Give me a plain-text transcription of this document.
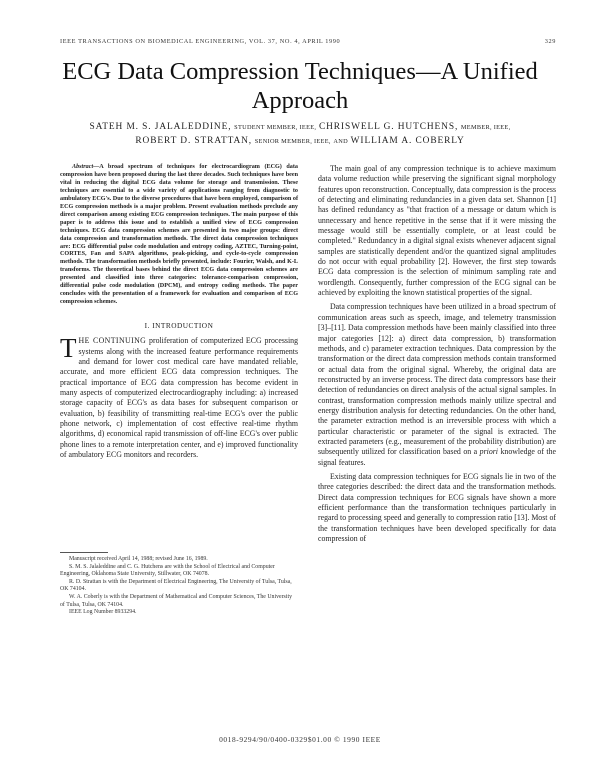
IEEE TRANSACTIONS ON BIOMEDICAL ENGINEERING, VOL. 37, NO. 4, APRIL 1990	329
ECG Data Compression Techniques—A Unified
Approach
SATEH M. S. JALALEDDINE, STUDENT MEMBER, IEEE, CHRISWELL G. HUTCHENS, MEMBER, IEEE,
ROBERT D. STRATTAN, SENIOR MEMBER, IEEE, AND WILLIAM A. COBERLY

Abstract—A broad spectrum of techniques for electrocardiogram (ECG) data compression have been proposed during the last three decades. Such techniques have been vital in reducing the digital ECG data volume for storage and transmission. These techniques are essential to a wide variety of applications ranging from diagnostic to ambulatory ECG's. Due to the diverse procedures that have been employed, comparison of ECG compression methods is a major problem. Present evaluation methods preclude any direct comparison among existing ECG compression techniques. The main purpose of this paper is to address this issue and to establish a unified view of ECG compression techniques. ECG data compression schemes are presented in two major groups: direct data compression and transformation methods. The direct data compression techniques are: ECG differential pulse code modulation and entropy coding, AZTEC, Turning-point, CORTES, Fan and SAPA algorithms, peak-picking, and cycle-to-cycle compression methods. The transformation methods briefly presented, include: Fourier, Walsh, and K-L transforms. The theoretical bases behind the direct ECG data compression schemes are presented and classified into three categories: tolerance-comparison compression, differential pulse code modulation (DPCM), and entropy coding methods. The paper concludes with the presentation of a framework for evaluation and comparison of ECG compression schemes.

I. INTRODUCTION

THE CONTINUING proliferation of computerized ECG processing systems along with the increased feature performance requirements and demand for lower cost medical care have mandated reliable, accurate, and more efficient ECG data compression techniques. The practical importance of ECG data compression has become evident in many aspects of computerized electrocardiography including: a) increased storage capacity of ECG's as data bases for subsequent comparison or evaluation, b) feasibility of transmitting real-time ECG's over the public phone network, c) implementation of cost effective real-time rhythm algorithms, d) economical rapid transmission of off-line ECG's over public phone lines to a remote interpretation center, and e) improved functionality of ambulatory ECG monitors and recorders.

Manuscript received April 14, 1988; revised June 16, 1989.

S. M. S. Jalaleddine and C. G. Hutchens are with the School of Electrical and Computer Engineering, Oklahoma State University, Stillwater, OK 74078.

R. D. Strattan is with the Department of Electrical Engineering, The University of Tulsa, Tulsa, OK 74104.

W. A. Coberly is with the Department of Mathematical and Computer Sciences, The University of Tulsa, Tulsa, OK 74104.

IEEE Log Number 8933294.

The main goal of any compression technique is to achieve maximum data volume reduction while preserving the significant signal morphology features upon reconstruction. Conceptually, data compression is the process of detecting and eliminating redundancies in a given data set. Shannon [1] has defined redundancy as "that fraction of a message or datum which is unnecessary and hence repetitive in the sense that if it were missing the message would still be essentially complete, or at least could be completed." Redundancy in a digital signal exists whenever adjacent signal samples are statistically dependent and/or the quantized signal amplitudes do not occur with equal probability [2]. However, the first step towards ECG data compression is the selection of minimum sampling rate and wordlength. Consequently, further compression of the ECG signal can be achieved by exploiting the known statistical properties of the signal.

Data compression techniques have been utilized in a broad spectrum of communication areas such as speech, image, and telemetry transmission [3]–[11]. Data compression methods have been mainly classified into three major categories [12]: a) direct data compression, b) transformation methods, and c) parameter extraction techniques. Data compression by the transformation or the direct data compression methods contain transformed or actual data from the original signal. Whereby, the original data are reconstructed by an inverse process. The direct data compressors base their detection of redundancies on direct analysis of the actual signal samples. In contrast, transformation compression methods mainly utilize spectral and energy distribution analysis for detecting redundancies. On the other hand, the parameter extraction method is an irreversible process with which a particular characteristic or parameter of the signal is extracted. The extracted parameters (e.g., measurement of the probability distribution) are subsequently utilized for classification based on a priori knowledge of the signal features.

Existing data compression techniques for ECG signals lie in two of the three categories described: the direct data and the transformation methods. Direct data compression techniques for ECG signals have shown a more efficient performance than the transformation techniques particularly in regard to processing speed and generally to compression ratio [13]. Most of the transformation techniques have been developed specifically for data compression of

0018-9294/90/0400-0329$01.00 © 1990 IEEE
